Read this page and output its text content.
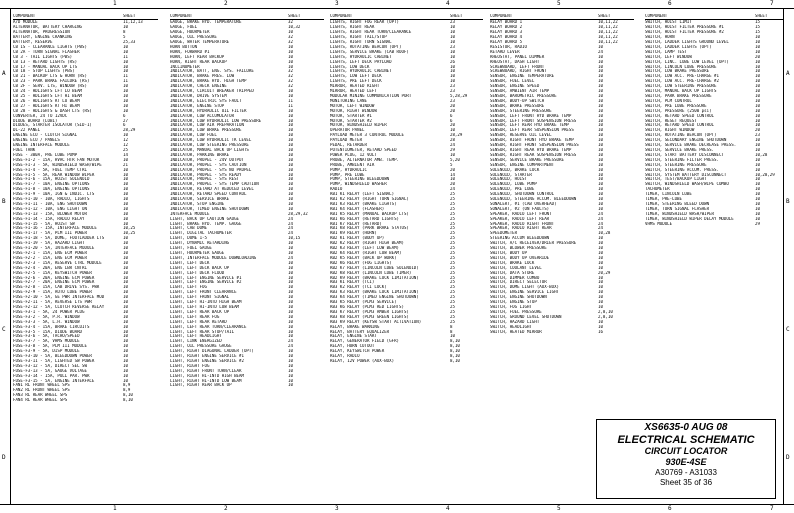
1	2	3	4	5	6	7
1	2	3	4	5	6	7
A
B
C
D
A
B
C
D
COMPONENT	SHEET
A/D MODULE	11,12,13
ALTERNATOR, BATTERY CHARGING	10
ALTERNATOR, PROGRESSION	8
BATTERY, ENGINE CRANKING	5
BATTERY, RESERVE	25,33
CB 1S - CLEARANCE LIGHTS (PBS)	10
CB 2A - TURN SIGNAL FLASHER	10
CB 3 - TAIL LIGHTS (PBS)	11
CB 13 - RETARD LIGHTS (RS)	10
CB 17 - MANUAL BACK UP LTS	10
CB 18 - STOP LIGHTS (PBS)	10
CB 21 - BACKUP LTS & HORN (RS)	11
CB 23 - PARK BRAKE FAILURE (RS)	11
CB 2F - SERV. LTS, WINDOW (RS)	10
CB 24 - HDLIGHTS LFT LO BEAM	10
CB 25 - HDLIGHTS LFT HI BEAM	10
CB 26 - HDLIGHTS RT LO BEAM	10
CB 27 - HDLIGHTS RT HI BEAM	10
CB 28 - HDLIGHTS & DASH LTS (RS)	10
CONVERTER, 24 TO 12VDC	6
DIODE BOARD (LOB1)	27
DIODES, STARTER ISOLATOR (SID-1)	6
DL-22 PANEL	28,29
ENGINE ECU - CLUTCH SIGNAL	10
ENGINE ECU / PANELS	12
ENGINE INTERFACE MODULE	12
FUEL TANK	25
FUSE - 300A, PRE LUBE PUMP	14
FUSE-F1-2 - 15A, HVAC HTR FAN MOTOR	10
FUSE-F1-3 - 5A, WINDSHIELD WASH/WIPE	21
FUSE-F1-4 - 5A, FUEL TEMP CTRL	10
FUSE-F1-5 - 5A, REAR WINDOW WIPER	10
FUSE-F1-6 - 15A, HOIST SOLENOID	10
FUSE-F1-7 - 10A, ENGINE OPTIONS	10
FUSE-F1-8 - 10A, ENGINE OPTIONS	10
FUSE-F1-9 - 10A, IGN & INDIC. LTS	10
FUSE-F1-10 - 10A, RADIO, LIGHTS	10
FUSE-F1-11 - 10A, ENG SHUTDOWN	10
FUSE-F1-12 - 10A, ENG LIGHT ON	10
FUSE-F1-13 - 15A, BLOWER MOTOR	10
FUSE-F1-14 - 15A, RADIO RELAY	10
FUSE-F1-15 - 5A, HOIST SW	10
FUSE-F1-16 - 15A, INTERFACE MODULE	10,25
FUSE-F1-17 - 5A, PLM III POWER	10,25
FUSE-F1-18 - 5A, DOME, FOOTLADDER LTS	10
FUSE-F1-19 - 5A, HAZARD LIGHT	10
FUSE-F1-20 - 5A, INTERFACE MODULE	10
FUSE-F2-1 - 15A, ENG ECM POWER	10
FUSE-F2-2 - 15A, ENG ECM POWER	10
FUSE-F2-3 - 15A, RESERVE CTRL MODULE	10
FUSE-F2-4 - 20A, ENG LBR CNTRL	10
FUSE-F2-5 - 15A, KEYSWITCH POWER	10
FUSE-F2-6 - 20A, ENGINE ECM POWER	10
FUSE-F2-7 - 20A, ENGINE ECM POWER	10
FUSE-F2-8 - 15A, CAB DRIVE SYS. PWR	10
FUSE-F2-9 - 15A, AUTO LUBE POWER	10
FUSE-F2-10 - 5A, GE PWR INTERFACE MOD	10
FUSE-F2-11 - 5A, REVERSE LTS PWR	10
FUSE-F2-12 - 5A, CLUTCH REVERSE RELAY	10
FUSE-F3-1 - 5A, 24 POWER PLUG	10
FUSE-F3-2 - 5A, P.R. WINDOW	10
FUSE-F3-3 - 5A, L.H. WINDOW	10
FUSE-F3-4 - 15A, BRAKE CIRCUITS	10
FUSE-F3-5 - 15A, DIODE BOARD	10
FUSE-F3-6 - 5A, TACHO/SPEED	10
FUSE-F3-7 - 5A, VHMS MODULE	10
FUSE-F3-8 - 5A, PLM III MODULE	10
FUSE-F3-9 - 5A, DISP MODULE	10
FUSE-F3-10 - 5A, BLEEDDOWN POWER	10
FUSE-F3-11 - 5A, LIGHTED SW POWER	10
FUSE-F3-12 - 5A, DIRECT SEL SW	10
FUSE-F3-13 - 5A, GAUGE VOLTAGE	10
FUSE-F3-14 - 15A, PULL PAR. PWR	10
FUSE-F3-15 - 5A, ENGINE INTERFACE	10
FAN1 RL FRONT WHEEL SPS	8,9
FAN2 RL FRONT WHEEL SPS	8,9
FAN3 RL REAR WHEEL SPS	8,10
FAN4 RL REAR WHEEL SPS	8,10
COMPONENT	SHEET
GAUGE, BRAKE HYD. TEMPERATURE	32
GAUGE, FUEL	10,32
GAUGE, HOURMETER	10
GAUGE, OIL PRESSURE	32
GAUGE, WATER TEMPERATURE	32
HORN BUTTON	10
HORN, FORWARD #1	10
HORN, LEFT REAR BACKUP	10
HORN, RIGHT REAR BACKUP	10
INCLINOMETER	10
INDICATOR, BATT, ENG. SYS. FAILURE	32
INDICATOR, BRAKE PRES. LOW	32
INDICATOR, BRAKE HYD. HIGH TEMP	32
INDICATOR, CHECK ENGINE	32
INDICATOR, CIRCUIT BREAKER TRIPPED	10
INDICATOR, DRIVE SYSTEM	10
INDICATOR, ELECTRIC SYS FAULT	11
INDICATOR, ENGINE STOP	11
INDICATOR, HYDRAULIC OIL FILTER	10
INDICATOR, LOW ACCUMULATOR	10
INDICATOR, LOW HYDRAULIC LOW PRESSURE	10
INDICATOR, LOW AIR PREPARATION	10
INDICATOR, LOW BRAKE PRESSURE	10
INDICATOR, LOW FUEL	10
INDICATOR, LOW HYDRAULIC TK LEVEL	10
INDICATOR, LOW STEERING PRESSURE	10
INDICATOR, MANUAL BACK UP LIGHTS	10
INDICATOR, PARKING BRAKE	10
INDICATOR, PROPEL - 24V OUTPUT	10
INDICATOR, PROPEL - SYS CAUTION	10
INDICATOR, PROPEL - SYS NO PROPEL	10
INDICATOR, PROPEL - SYS READY	10
INDICATOR, PROPEL - SYS REST	10
INDICATOR, PROPEL - SYS TEMP CAUTION	10
INDICATOR, RETARD AT REDUCED LEVEL	10
INDICATOR, RETARD SPEED CONTROL	10
INDICATOR, SERVICE BRAKE	10
INDICATOR, STOP ENGINE	10
INDICATOR, TIMED ENGINE SHUTDOWN	10
INTERFACE MODULE	28,29,32
LIGHT, BACK UP CAUTION GAUGE	24
LIGHT, BRAKE HYD. TEMP. GAUGE	24
LIGHT, CAB DOME	24
LIGHT, DIGITAL TACHOMETER	24
LIGHT, DOME 1-5	10,15
LIGHT, DYNAMIC RETARDING	10
LIGHT, FUEL GAUGE	10
LIGHT, HOURMETER GAUGE	10
LIGHT, INTERFACE MODULE DOWNLOADING	24
LIGHT, LEFT DECK	10
LIGHT, LEFT DECK BACK UP	10
LIGHT, LEFT DECK FLOOD	10
LIGHT, LEFT ENGINE SERVICE #1	10
LIGHT, LEFT ENGINE SERVICE #2	10
LIGHT, LEFT FOG	10
LIGHT, LEFT FRONT CLEARANCE	10
LIGHT, LEFT FRONT SIGNAL	10
LIGHT, LEFT HI-INTD HIGH BEAM	10
LIGHT, LEFT HI-INTD LOW BEAM	10
LIGHT, LEFT REAR BACK UP	10
LIGHT, LEFT REAR FOG	10
LIGHT, LEFT REAR RETARD	10
LIGHT, LEFT REAR TURN/CLEARANCE	10
LIGHT, LEFT REAR STOP/TAIL	10
LIGHT, LEFT HEADLIGHT	10
LIGHT, LINK ENERGIZED	24
LIGHT, OIL PRESSURE GAUGE	24
LIGHT, RIGHT DIAGONAL LADDER (OPT)	10
LIGHT, RIGHT ENGINE SERVICE #1	10
LIGHT, RIGHT ENGINE SERVICE #2	10
LIGHT, RIGHT FOG	10
LIGHT, RIGHT FRONT TURN/CLEAR	10
LIGHT, RIGHT HI-INTD HIGH BEAM	10
LIGHT, RIGHT HI-INTD LOW BEAM	10
LIGHT, RIGHT REAR BACK UP	10
COMPONENT	SHEET
LIGHTS, RIGHT FOG REAR (OPT)	23
LIGHTS, RIGHT REAR	10
LIGHTS, RIGHT REAR TURN/CLEARANCE	10
LIGHTS, RIGHT TAIL/STOP	10
LIGHTS, RIGHT TURN SIGNAL	10
LIGHTS, ROTATING BEACON (OPT)	23
LIGHTS, SERVICE BRAKE (CAB ROOF)	10
LIGHTS, HYDRAULIC CABINET	10
LIGHTS, LEFT DECK PAYLOAD	26
LIGHTS, LOW DECK	10
LIGHTS, HYDRAULIC CABINET	10
LIGHTS, LOW LEFT DECK	10
LIGHTS, PRE LEFT DECK	10
MIRROR, HEATED RIGHT	23
MIRROR, HEATED LEFT	23
MODULAR MINING COMMUNICATION PORT	5,28,29
MONITORING LANE	23
MOTOR, LEFT WINDOW	20
MOTOR, RIGHT WINDOW	20
MOTOR, STARTER #1	6
MOTOR, STARTER #2	6
MOTOR, WINDSHIELD WIPER	20
OPERATOR PANEL	10
PAYLOAD METER 3 CONTROL MODULE	28,29
PAYLOAD METER	28
PEDAL, RETARDER	24
POTENTIOMETER, RETARD SPEED	29
POWER PLUG, 12 VOLT	10
PROBE, ALTERNATOR AMB. TEMP.	5,20
PROBE, AMBIENT AIR	5
PUMP, HYDRAULIC	20
PUMP, PRE LUBE	14
PUMP, STEERING BLEEDDOWN	10
PUMP, WINDSHIELD WASHER	20
RADIO	24
RB1 K1 RELAY (LEFT SIGNAL)	25
RB1 K2 RELAY (RIGHT TURN SIGNAL)	25
RB1 K3 RELAY (BRAKE LIGHTS)	25
RB1 K4 RELAY (FLASHER)	25
RB1 K5 RELAY (MANUAL BACKUP LTS)	25
RB1 K6 RELAY (RETARD LIGHTS)	25
RB1 K7 RELAY (RETARD)	25
RB1 K8 RELAY (PARK BRAKE STATUS)	25
RB1 K9 RELAY (HORN)	25
RB2 K1 RELAY (BODY UP)	25
RB2 K2 RELAY (RIGHT HIGH BEAM)	25
RB2 K3 RELAY (LEFT LOW BEAM)	25
RB2 K4 RELAY (RIGHT LOW BEAM)	25
RB2 K5 RELAY (BACK UP WORK)	25
RB2 K6 RELAY (FOG LIGHTS)	25
RB2 K7 RELAY (LINCOLN LUBE SOLENOID)	25
RB2 K8 RELAY (LINCOLN LUBE TIMER)	25
RB2 K9 RELAY (BRAKE LOCK LIMITATION)	25
RB3 K1 RELAY (TCI)	25
RB3 K2 RELAY (TCI LOCK)	25
RB3 K3 RELAY (BRAKE LOCK LIMITATION)	25
RB3 K4 RELAY (TIMED ENGINE SHUTDOWN)	25
RB3 K5 RELAY (PLM3 SERVICE)	25
RB3 K6 RELAY (PLM3 RED LIGHTS)	25
RB3 K7 RELAY (PLM3 AMBER LIGHTS)	25
RB3 K8 RELAY (PLM3 GREEN LIGHTS)	25
RB3 K9 RELAY (KEYSW START ACTIVATION)	25
RELAY, BRAKE WARNING	8
RELAY, BATTERY EQUALIZER	8
RELAY, ENGINE START	10
RELAY, GENERATOR FIELD (GFR)	8,10
RELAY, HORN CUTOUT	8,10
RELAY, KEYSWITCH POWER	8,10
RELAY, RADIO	8,10
RELAY, 12V POWER (AUX-BOX)	8,10
COMPONENT	SHEET
RELAY BOARD 1	10,11,22
RELAY BOARD 2	10,11,22
RELAY BOARD 3	10,11,22
RELAY BOARD 4	10,11,22
RELAY BOARD 5	10,11,22
RESISTOR, RADIO	10
RETARD LEVER	24
RHEOSTAT, PANEL DIMMER	10
RHEOSTAT, DASH LIGHT	10
SCREWBOARD, LEFT FRONT	10
SCREWBOARD, RIGHT FRONT	10
SENSOR, ENGINE TEMPERATURE	10
SENSOR, FUEL LEVEL	10
SENSOR, ENGINE SPEED	10
SENSOR, AMBIENT AIR TEMP	10
SENSOR, BAROMETRIC PRESSURE	10
SENSOR, BODY-UP SWITCH	10
SENSOR, BRAKE PRESSURE	10
SENSOR, STEERING PRESSURE	10
SENSOR, LEFT FRONT HYD BRAKE TEMP	10
SENSOR, LEFT FRONT SUSPENSION PRESS	10
SENSOR, LEFT REAR HYD BRAKE TEMP	10
SENSOR, LEFT REAR SUSPENSION PRESS	10
SENSOR, RESERVE OIL LEVEL	10
SENSOR, RIGHT FRONT HYD BRAKE TEMP	10
SENSOR, RIGHT FRONT SUSPENSION PRESS	10
SENSOR, RIGHT REAR HYD BRAKE TEMP	10
SENSOR, RIGHT REAR SUSPENSION PRESS	10
SENSOR, SERVICE BRAKE PRESSURE	10
SENSOR, ENGINE COMPARTMENT	10
SOLENOID, BRAKE LOCK	10
SOLENOID, STARTER	10
SOLENOID, HOIST	10
SOLENOID, LUBE PUMP	10
SOLENOID, PRE LUBE	10
SOLENOID, SHUTDOWN CONTROL	10
SOLENOID, STEERING ACCUM. BLEEDDOWN	10
SONALERT, #1 (CAB OVERHEAD)	10
SONALERT, #2 (ON FAULTS)	10
SPEAKER, RADIO LEFT FRONT	24
SPEAKER, RADIO LEFT REAR	24
SPEAKER, RADIO RIGHT FRONT	24
SPEAKER, RADIO RIGHT REAR	24
SPEEDOMETER	10,28
STEERING ACCUM BLEEDDOWN	10
SWITCH, A/C RECEIVER/DRIER PRESSURE	10
SWITCH, BLOWER PRESSURE	10
SWITCH, BODY UP	10
SWITCH, BODY UP OVERRIDE	10
SWITCH, BRAKE LOCK	10
SWITCH, COOLANT LEVEL	10
SWITCH, DATA STORE	20,29
SWITCH, DIMMER COMBO	10
SWITCH, DIRECT SELECTOR	10
SWITCH, DOME LIGHT (AUX-BOX)	10
SWITCH, ENGINE SERVICE LIGHT	10
SWITCH, ENGINE SHUTDOWN	10
SWITCH, ENGINE STOP	10
SWITCH, FOG LIGHT	10
SWITCH, FUEL PRESSURE	2,8,10
SWITCH, GROUND LEVEL SHUTDOWN	2,8,10
SWITCH, HAZARD LIGHT	10
SWITCH, HEADLIGHT	10
SWITCH, HEATED MIRROR	16
COMPONENT	SHEET
SWITCH, HOIST LIMIT	15
SWITCH, HOIST FILTER PRESSURE #1	15
SWITCH, HOIST FILTER PRESSURE #2	15
SWITCH, HORN	10
SWITCH, LADDER LIGHTS GROUND LEVEL	10
SWITCH, LADDER LIGHTS (OPT)	10
SWITCH, LAMP TEST	10
SWITCH, LEFT WINDOW	20
SWITCH, LINC. LUBE LOW LEVEL (OPT)	10
SWITCH, LINCOLN LUBE PRESSURE	10
SWITCH, LOW BRAKE PRESSURE	10
SWITCH, LOW ACC. PRE-CHARGE #1	10
SWITCH, LOW ACC. PRE-CHARGE #2	10
SWITCH, LOW STEERING PRESSURE	10
SWITCH, MANUAL BACK UP LIGHTS	10
SWITCH, PARK BRAKE PRESSURE	10
SWITCH, PLM CONTROL	10
SWITCH, PRE LUBE PRESSURE	10
SWITCH, PRESSURE (2500 psi)	10
SWITCH, RETARD SPEED CONTROL	10
SWITCH, RESET REQUEST	10
SWITCH, RETARD SPEED CONTROL	10
SWITCH, RIGHT WINDOW	20
SWITCH, ROTATING BEACON (OPT)	23
SWITCH, SECONDARY ENGINE SHUTDOWN	10
SWITCH, SERVICE BRAKE DECREASE PRESS.	10
SWITCH, SERVICE BRAKE PRESS.	10
SWITCH, START BATTERY DISCONNECT	10,28
SWITCH, STEERING FILTER PRESS.	10
SWITCH, STEERING PRESSURE	10
SWITCH, STEERING ACCUM. PRESS.	10
SWITCH, SYSTEM BATTERY DISCONNECT	10,28,29
SWITCH, TEST/BACKUP LIGHT	10
SWITCH, WINDSHIELD WASH/WIPE COMBO	10
TACHOMETER	10
TIMER, LINCOLN LUBE	10
TIMER, PRE-LUBE	10
TIMER, STEERING BLEED DOWN	10
TIMER, TURN SIGNAL FLASHER	10
TIMER, WINDSHIELD WASH/WIPER	10
TIMER, WINDSHIELD WIPER DELAY MODULE	10
VHMS MODULE	29
XS6635-0 AUG 08
ELECTRICAL SCHEMATIC
CIRCUIT LOCATOR
930E-4SE
A30769 - A31033
Sheet 35 of 36
